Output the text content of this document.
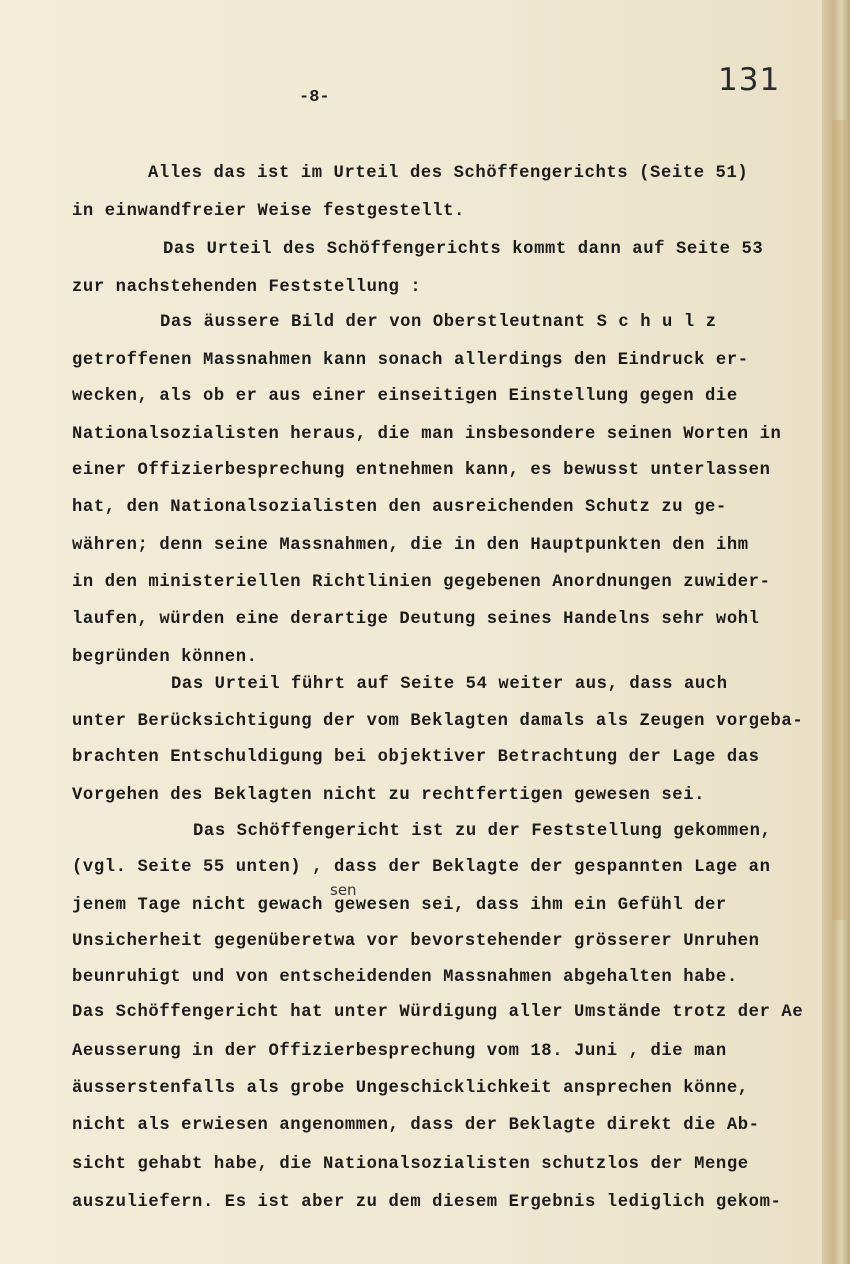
131
-8-

Alles das ist im Urteil des Schöffengerichts (Seite 51)

in einwandfreier Weise festgestellt.

Das Urteil des Schöffengerichts kommt dann auf Seite 53

zur nachstehenden Feststellung :

Das äussere Bild der von Oberstleutnant S c h u l z

getroffenen Massnahmen kann sonach allerdings den Eindruck er-

wecken, als ob er aus einer einseitigen Einstellung gegen die

Nationalsozialisten heraus, die man insbesondere seinen Worten in

einer Offizierbesprechung entnehmen kann, es bewusst unterlassen

hat, den Nationalsozialisten den ausreichenden Schutz zu ge-

währen; denn seine Massnahmen, die in den Hauptpunkten den ihm

in den ministeriellen Richtlinien gegebenen Anordnungen zuwider-

laufen, würden eine derartige Deutung seines Handelns sehr wohl

begründen können.

Das Urteil führt auf Seite 54 weiter aus, dass auch

unter Berücksichtigung der vom Beklagten damals als Zeugen vorgeba-

brachten Entschuldigung bei objektiver Betrachtung der Lage das

Vorgehen des Beklagten nicht zu rechtfertigen gewesen sei.

Das Schöffengericht ist zu der Feststellung gekommen,

(vgl. Seite 55 unten) , dass der Beklagte der gespannten Lage an

jenem Tage nicht gewach gewesen sei, dass ihm ein Gefühl der

Unsicherheit gegenüberetwa vor bevorstehender grösserer Unruhen

beunruhigt und von entscheidenden Massnahmen abgehalten habe.

Das Schöffengericht hat unter Würdigung aller Umstände trotz der Ae

Aeusserung in der Offizierbesprechung vom 18. Juni , die man

äusserstenfalls als grobe Ungeschicklichkeit ansprechen könne,

nicht als erwiesen angenommen, dass der Beklagte direkt die Ab-

sicht gehabt habe, die Nationalsozialisten schutzlos der Menge

auszuliefern. Es ist aber zu dem diesem Ergebnis lediglich gekom-

sen
